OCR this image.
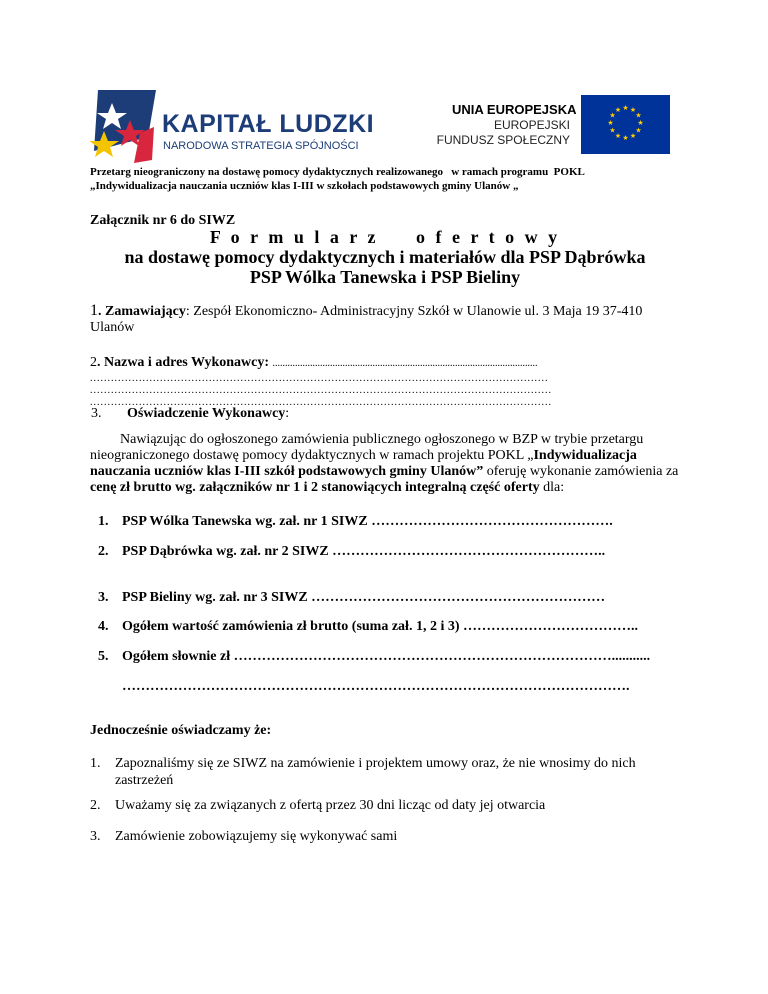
KAPITAŁ LUDZKI
NARODOWA STRATEGIA SPÓJNOŚCI
UNIA EUROPEJSKA
EUROPEJSKI
FUNDUSZ SPOŁECZNY
★ ★
★
★
★
★
★
★
★
★
★
★
Przetarg nieograniczony na dostawę pomocy dydaktycznych realizowanego   w ramach programu  POKL
„Indywidualizacja nauczania uczniów klas I-III w szkołach podstawowych gminy Ulanów „
Załącznik nr 6 do SIWZ
F o r m u l a r z     o f e r t o w y
na dostawę pomocy dydaktycznych i materiałów dla PSP Dąbrówka
PSP Wólka Tanewska i PSP Bieliny
1. Zamawiający: Zespół Ekonomiczno- Administracyjny Szkół w Ulanowie ul. 3 Maja 19 37-410 Ulanów
2. Nazwa i adres Wykonawcy: ..........................................................................................................
...................................................................................................................................
....................................................................................................................................
....................................................................................................................................
3. Oświadczenie Wykonawcy:
Nawiązując do ogłoszonego zamówienia publicznego ogłoszonego w BZP w trybie przetargu nieograniczonego dostawę pomocy dydaktycznych w ramach projektu POKL „Indywidualizacja nauczania uczniów klas I-III szkół podstawowych gminy Ulanów” oferuję wykonanie zamówienia za cenę zł brutto wg. załączników nr 1 i 2 stanowiących integralną część oferty dla:
1. PSP Wólka Tanewska wg. zał. nr 1 SIWZ …………………………………………….
2. PSP Dąbrówka wg. zał. nr 2 SIWZ …………………………………………………..
3. PSP Bieliny wg. zał. nr 3 SIWZ ………………………………………………………
4. Ogółem wartość zamówienia zł brutto (suma zał. 1, 2 i 3) ………………………………..
5. Ogółem słownie zł ………………………………………………………………………...........
……………………………………………………………………………………………….
Jednocześnie oświadczamy że:
1. Zapoznaliśmy się ze SIWZ na zamówienie i projektem umowy oraz, że nie wnosimy do nich zastrzeżeń
2. Uważamy się za związanych z ofertą przez 30 dni licząc od daty jej otwarcia
3. Zamówienie zobowiązujemy się wykonywać sami
